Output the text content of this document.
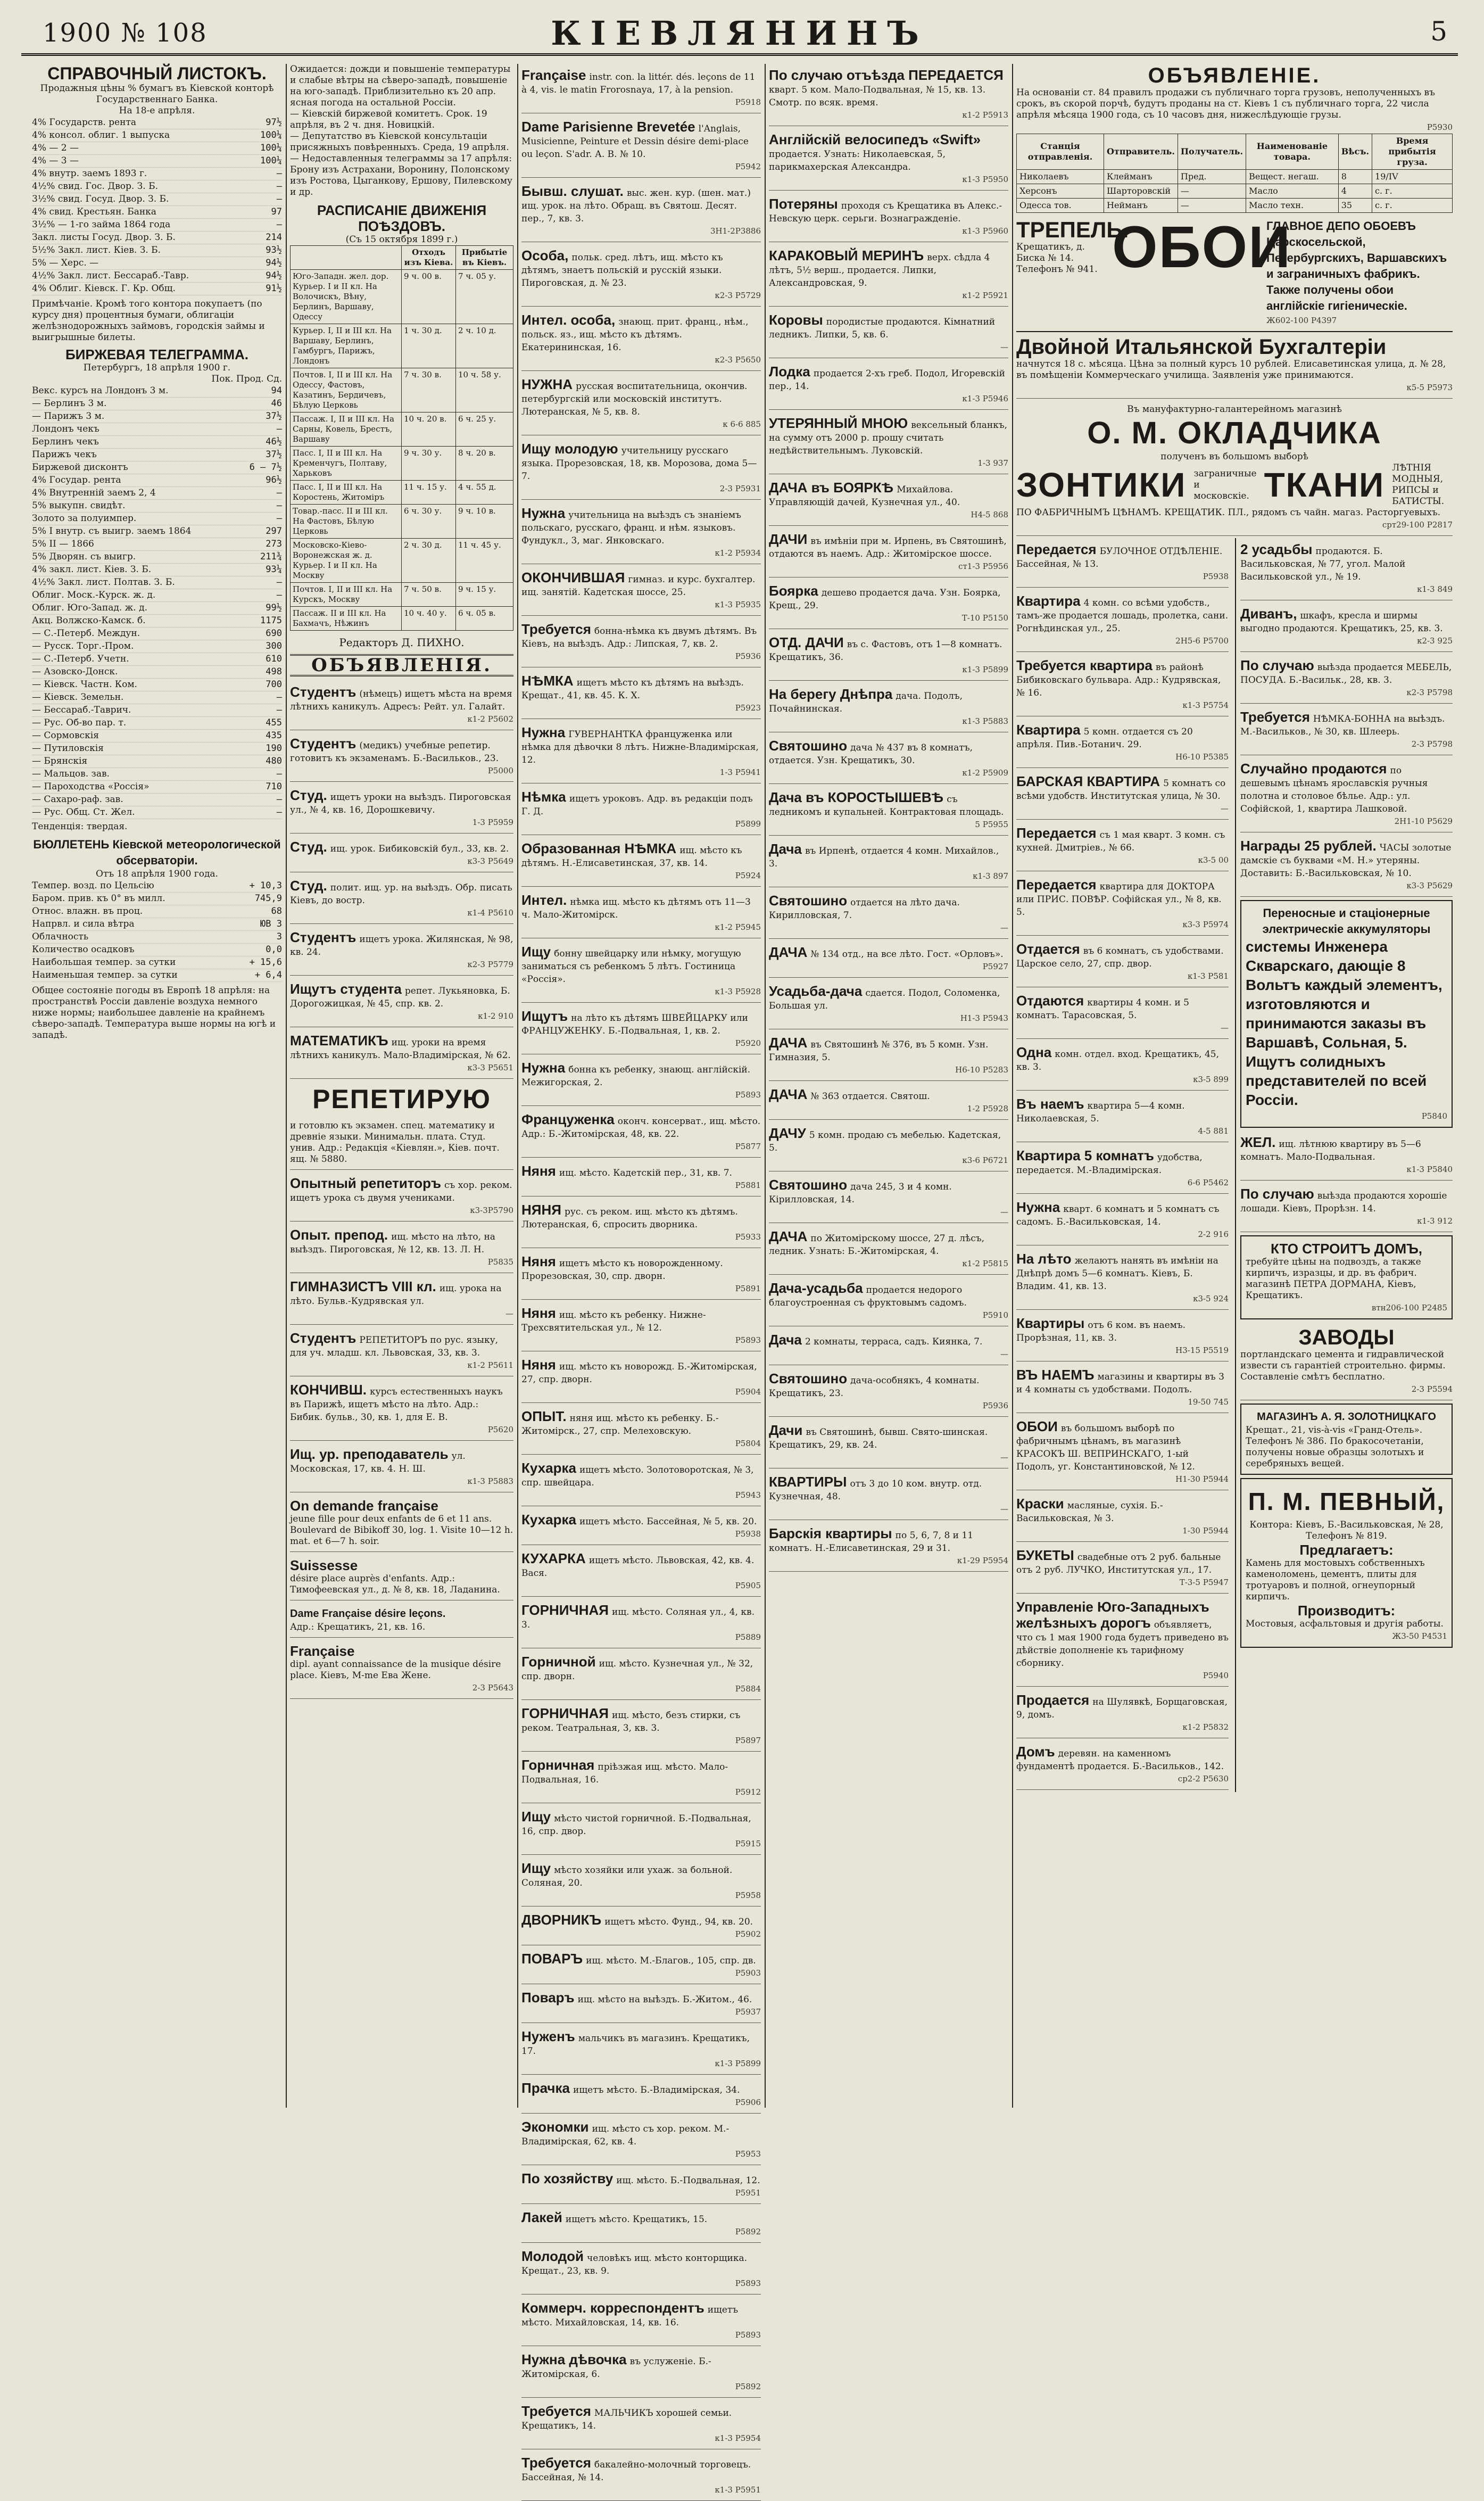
1900 № 108	КІЕВЛЯНИНЪ	5
СПРАВОЧНЫЙ ЛИСТОКЪ.
Продажныя цѣны % бумагъ въ Кіевской конторѣ Государственнаго Банка.
На 18-е апрѣля.
4% Государств. рента	97½
4% консол. облиг. 1 выпуска	100¼
4% — 2 —	100¼
4% — 3 —	100¼
4% внутр. заемъ 1893 г.	—
4½% свид. Гос. Двор. З. Б.	—
3½% свид. Госуд. Двор. З. Б.	—
4% свид. Крестьян. Банка	97
3½% — 1-го займа 1864 года	—
Закл. листы Госуд. Двор. З. Б.	214
5½% Закл. лист. Кіев. З. Б.	93½
5% — Херс. —	94½
4½% Закл. лист. Бессараб.-Тавр.	94½
4% Облиг. Кіевск. Г. Кр. Общ.	91½
Примѣчаніе. Кромѣ того контора покупаетъ (по курсу дня) процентныя бумаги, облигаціи желѣзнодорожныхъ займовъ, городскія займы и выигрышные билеты.
БИРЖЕВАЯ ТЕЛЕГРАММА.
Петербургъ, 18 апрѣля 1900 г.
Пок. Прод. Сд.
Векс. курсъ на Лондонъ 3 м.	94
— Берлинъ 3 м.	46
— Парижъ 3 м.	37½
Лондонъ чекъ	—
Берлинъ чекъ	46½
Парижъ чекъ	37½
Биржевой дисконтъ	6 — 7½
4% Государ. рента	96½
4% Внутренній заемъ 2, 4	—
5% выкупн. свидѣт.	—
Золото за полуимпер.	—
5% I внутр. съ выигр. заемъ 1864	297
5% II — 1866	273
5% Дворян. съ выигр.	211¾
4% закл. лист. Кіев. З. Б.	93¼
4½% Закл. лист. Полтав. З. Б.	—
Облиг. Моск.-Курск. ж. д.	—
Облиг. Юго-Запад. ж. д.	99½
Акц. Волжско-Камск. б.	1175
— С.-Петерб. Междун.	690
— Русск. Торг.-Пром.	300
— С.-Петерб. Учетн.	610
— Азовско-Донск.	498
— Кіевск. Частн. Ком.	700
— Кіевск. Земельн.	—
— Бессараб.-Таврич.	—
— Рус. Об-во пар. т.	455
— Сормовскія	435
— Путиловскія	190
— Брянскія	480
— Мальцов. зав.	—
— Пароходства «Россія»	710
— Сахаро-раф. зав.	—
— Рус. Общ. Ст. Жел.	—
Тенденція: твердая.
БЮЛЛЕТЕНЬ Кіевской метеорологической обсерваторіи.
Отъ 18 апрѣля 1900 года.
Темпер. возд. по Цельсію	+ 10,3
Баром. прив. къ 0° въ милл.	745,9
Относ. влажн. въ проц.	68
Напрвл. и сила вѣтра	ЮВ 3
Облачность	3
Количество осадковъ	0,0
Наибольшая темпер. за сутки	+ 15,6
Наименьшая темпер. за сутки	+ 6,4
Общее состояніе погоды въ Европѣ 18 апрѣля: на пространствѣ Россіи давленіе воздуха немного ниже нормы; наибольшее давленіе на крайнемъ сѣверо-западѣ. Температура выше нормы на югѣ и западѣ.
Ожидается: дожди и повышеніе температуры и слабые вѣтры на сѣверо-западѣ, повышеніе на юго-западѣ. Приблизительно къ 20 апр. ясная погода на остальной Россіи.
— Кіевскій биржевой комитетъ. Срок. 19 апрѣля, въ 2 ч. дня. Новицкій.
— Депутатство въ Кіевской консультаціи присяжныхъ повѣренныхъ. Среда, 19 апрѣля.
— Недоставленныя телеграммы за 17 апрѣля: Брону изъ Астрахани, Воронину, Полонскому изъ Ростова, Цыганкову, Ершову, Пилевскому и др.
РАСПИСАНІЕ ДВИЖЕНІЯ ПОѢЗДОВЪ.
(Съ 15 октября 1899 г.)
	Отходъ изъ Кіева.	Прибытіе въ Кіевъ.
Юго-Западн. жел. дор. Курьер. I и II кл. На Волочискъ, Вѣну, Берлинъ, Варшаву, Одессу	9 ч. 00 в.	7 ч. 05 у.
Курьер. I, II и III кл. На Варшаву, Берлинъ, Гамбургъ, Парижъ, Лондонъ	1 ч. 30 д.	2 ч. 10 д.
Почтов. I, II и III кл. На Одессу, Фастовъ, Казатинъ, Бердичевъ, Бѣлую Церковь	7 ч. 30 в.	10 ч. 58 у.
Пассаж. I, II и III кл. На Сарны, Ковель, Брестъ, Варшаву	10 ч. 20 в.	6 ч. 25 у.
Пасс. I, II и III кл. На Кременчугъ, Полтаву, Харьковъ	9 ч. 30 у.	8 ч. 20 в.
Пасс. I, II и III кл. На Коростень, Житоміръ	11 ч. 15 у.	4 ч. 55 д.
Товар.-пасс. II и III кл. На Фастовъ, Бѣлую Церковь	6 ч. 30 у.	9 ч. 10 в.
Московско-Кіево-Воронежская ж. д. Курьер. I и II кл. На Москву	2 ч. 30 д.	11 ч. 45 у.
Почтов. I, II и III кл. На Курскъ, Москву	7 ч. 50 в.	9 ч. 15 у.
Пассаж. II и III кл. На Бахмачъ, Нѣжинъ	10 ч. 40 у.	6 ч. 05 в.
Редакторъ Д. ПИХНО.
ОБЪЯВЛЕНІЯ.
Студентъ (нѣмецъ) ищетъ мѣста на время лѣтнихъ каникулъ. Адресъ: Рейт. ул. Галайт.
к1-2 Р5602
Студентъ (медикъ) учебные репетир. готовитъ къ экзаменамъ. Б.-Васильков., 23.
Р5000
Студ. ищетъ уроки на выѣздъ. Пироговская ул., № 4, кв. 16, Дорошкевичу.
1-3 Р5959
Студ. ищ. урок. Бибиковскій бул., 33, кв. 2.
к3-3 Р5649
Студ. полит. ищ. ур. на выѣздъ. Обр. писать Кіевъ, до востр.
к1-4 Р5610
Студентъ ищетъ урока. Жилянская, № 98, кв. 24.
к2-3 Р5779
Ищутъ студента репет. Лукьяновка, Б. Дорогожицкая, № 45, спр. кв. 2.
к1-2 910
МАТЕМАТИКЪ ищ. уроки на время лѣтнихъ каникулъ. Мало-Владимірская, № 62.
к3-3 Р5651
РЕПЕТИРУЮ
и готовлю къ экзамен. спец. математику и древніе языки. Минимальн. плата. Студ. унив. Адр.: Редакція «Кіевлян.», Кіев. почт. ящ. № 5880.
Опытный репетиторъ съ хор. реком. ищетъ урока съ двумя учениками.
к3-3Р5790
Опыт. препод. ищ. мѣсто на лѣто, на выѣздъ. Пироговская, № 12, кв. 13. Л. Н.
Р5835
ГИМНАЗИСТЪ VIII кл. ищ. урока на лѣто. Бульв.-Кудрявская ул.
—
Студентъ РЕПЕТИТОРЪ по рус. языку, для уч. младш. кл. Львовская, 33, кв. 3.
к1-2 Р5611
КОНЧИВШ. курсъ естественныхъ наукъ въ Парижѣ, ищетъ мѣсто на лѣто. Адр.: Бибик. бульв., 30, кв. 1, для Е. В.
Р5620
Ищ. ур. преподаватель ул. Московская, 17, кв. 4. Н. Ш.
к1-3 Р5883
On demande française
jeune fille pour deux enfants de 6 et 11 ans. Boulevard de Bibikoff 30, log. 1. Visite 10—12 h. mat. et 6—7 h. soir.
Suissesse
désire place auprès d'enfants. Адр.: Тимофеевская ул., д. № 8, кв. 18, Ладанина.
Dame Française désire leçons.
Адр.: Крещатикъ, 21, кв. 16.
Française
dipl. ayant connaissance de la musique désire place. Кіевъ, М-me Ева Жене.
2-3 Р5643
Française instr. con. la littér. dés. leçons de 11 à 4, vis. le matin Frorosnaya, 17, à la pension.
Р5918
Dame Parisienne Brevetée l'Anglais, Musicienne, Peinture et Dessin désire demi-place ou leçon. S'adr. А. В. № 10.
Р5942
Бывш. слушат. выс. жен. кур. (шен. мат.) ищ. урок. на лѣто. Обращ. въ Святош. Десят. пер., 7, кв. 3.
3Н1-2Р3886
Особа, польк. сред. лѣтъ, ищ. мѣсто къ дѣтямъ, знаетъ польскій и русскій языки. Пироговская, д. № 23.
к2-3 Р5729
Интел. особа, знающ. прит. франц., нѣм., польск. яз., ищ. мѣсто къ дѣтямъ. Екатерининская, 16.
к2-3 Р5650
НУЖНА русская воспитательница, окончив. петербургскій или московскій институтъ. Лютеранская, № 5, кв. 8.
к 6-6 885
Ищу молодую учительницу русскаго языка. Прорезовская, 18, кв. Морозова, дома 5—7.
2-3 Р5931
Нужна учительница на выѣздъ съ знаніемъ польскаго, русскаго, франц. и нѣм. языковъ. Фундукл., 3, маг. Янковскаго.
к1-2 Р5934
ОКОНЧИВШАЯ гимназ. и курс. бухгалтер. ищ. занятій. Кадетская шоссе, 25.
к1-3 Р5935
Требуется бонна-нѣмка къ двумъ дѣтямъ. Въ Кіевъ, на выѣздъ. Адр.: Липская, 7, кв. 2.
Р5936
НѢМКА ищетъ мѣсто къ дѣтямъ на выѣздъ. Крещат., 41, кв. 45. К. Х.
Р5923
Нужна ГУВЕРНАНТКА француженка или нѣмка для дѣвочки 8 лѣтъ. Нижне-Владимірская, 12.
1-3 Р5941
Нѣмка ищетъ уроковъ. Адр. въ редакціи подъ Г. Д.
Р5899
Образованная НѢМКА ищ. мѣсто къ дѣтямъ. Н.-Елисаветинская, 37, кв. 14.
Р5924
Интел. нѣмка ищ. мѣсто къ дѣтямъ отъ 11—3 ч. Мало-Житомірск.
к1-2 Р5945
Ищу бонну швейцарку или нѣмку, могущую заниматься съ ребенкомъ 5 лѣтъ. Гостиница «Россія».
к1-3 Р5928
Ищутъ на лѣто къ дѣтямъ ШВЕЙЦАРКУ или ФРАНЦУЖЕНКУ. Б.-Подвальная, 1, кв. 2.
Р5920
Нужна бонна къ ребенку, знающ. англійскій. Межигорская, 2.
Р5893
Француженка оконч. консерват., ищ. мѣсто. Адр.: Б.-Житомірская, 48, кв. 22.
Р5877
Няня ищ. мѣсто. Кадетскій пер., 31, кв. 7.
Р5881
НЯНЯ рус. съ реком. ищ. мѣсто къ дѣтямъ. Лютеранская, 6, спросить дворника.
Р5933
Няня ищетъ мѣсто къ новорожденному. Прорезовская, 30, спр. дворн.
Р5891
Няня ищ. мѣсто къ ребенку. Нижне-Трехсвятительская ул., № 12.
Р5893
Няня ищ. мѣсто къ новорожд. Б.-Житомірская, 27, спр. дворн.
Р5904
ОПЫТ. няня ищ. мѣсто къ ребенку. Б.-Житомірск., 27, спр. Мелеховскую.
Р5804
Кухарка ищетъ мѣсто. Золотоворотская, № 3, спр. швейцара.
Р5943
Кухарка ищетъ мѣсто. Бассейная, № 5, кв. 20.
Р5938
КУХАРКА ищетъ мѣсто. Львовская, 42, кв. 4. Вася.
Р5905
ГОРНИЧНАЯ ищ. мѣсто. Соляная ул., 4, кв. 3.
Р5889
Горничной ищ. мѣсто. Кузнечная ул., № 32, спр. дворн.
Р5884
ГОРНИЧНАЯ ищ. мѣсто, безъ стирки, съ реком. Театральная, 3, кв. 3.
Р5897
Горничная пріѣзжая ищ. мѣсто. Мало-Подвальная, 16.
Р5912
Ищу мѣсто чистой горничной. Б.-Подвальная, 16, спр. двор.
Р5915
Ищу мѣсто хозяйки или ухаж. за больной. Соляная, 20.
Р5958
ДВОРНИКЪ ищетъ мѣсто. Фунд., 94, кв. 20.
Р5902
ПОВАРЪ ищ. мѣсто. М.-Благов., 105, спр. дв.
Р5903
Поваръ ищ. мѣсто на выѣздъ. Б.-Житом., 46.
Р5937
Нуженъ мальчикъ въ магазинъ. Крещатикъ, 17.
к1-3 Р5899
Прачка ищетъ мѣсто. Б.-Владимірская, 34.
Р5906
Экономки ищ. мѣсто съ хор. реком. М.-Владимірская, 62, кв. 4.
Р5953
По хозяйству ищ. мѣсто. Б.-Подвальная, 12.
Р5951
Лакей ищетъ мѣсто. Крещатикъ, 15.
Р5892
Молодой человѣкъ ищ. мѣсто конторщика. Крещат., 23, кв. 9.
Р5893
Коммерч. корреспондентъ ищетъ мѣсто. Михайловская, 14, кв. 16.
Р5893
Нужна дѣвочка въ услуженіе. Б.-Житомірская, 6.
Р5892
Требуется МАЛЬЧИКЪ хорошей семьи. Крещатикъ, 14.
к1-3 Р5954
Требуется бакалейно-молочный торговецъ. Бассейная, № 14.
к1-3 Р5951
По случаю отъѣзда ПЕРЕДАЕТСЯ кварт. 5 ком. Мало-Подвальная, № 15, кв. 13. Смотр. по всяк. время.
к1-2 Р5913
Англійскій велосипедъ «Swift» продается. Узнать: Николаевская, 5, парикмахерская Александра.
к1-3 Р5950
Потеряны проходя съ Крещатика въ Алекс.-Невскую церк. серьги. Вознагражденіе.
к1-3 Р5960
КАРАКОВЫЙ МЕРИНЪ верх. сѣдла 4 лѣтъ, 5½ верш., продается. Липки, Александровская, 9.
к1-2 Р5921
Коровы породистые продаются. Кімнатний ледникъ. Липки, 5, кв. 6.
—
Лодка продается 2-хъ греб. Подол, Игоревскій пер., 14.
к1-3 Р5946
УТЕРЯННЫЙ МНОЮ вексельный бланкъ, на сумму отъ 2000 р. прошу считать недѣйствительнымъ. Луковскій.
1-3 937
ДАЧА въ БОЯРКѢ Михайлова. Управляющій дачей, Кузнечная ул., 40.
Н4-5 868
ДАЧИ въ имѣніи при м. Ирпень, въ Святошинѣ, отдаются въ наемъ. Адр.: Житомірское шоссе.
ст1-3 Р5956
Боярка дешево продается дача. Узн. Боярка, Крещ., 29.
Т-10 Р5150
ОТД. ДАЧИ въ с. Фастовъ, отъ 1—8 комнатъ. Крещатикъ, 36.
к1-3 Р5899
На берегу Днѣпра дача. Подолъ, Почайнинская.
к1-3 Р5883
Святошино дача № 437 въ 8 комнатъ, отдается. Узн. Крещатикъ, 30.
к1-2 Р5909
Дача въ КОРОСТЫШЕВѢ съ ледникомъ и купальней. Контрактовая площадь.
5 Р5955
Дача въ Ирпенѣ, отдается 4 комн. Михайлов., 3.
к1-3 897
Святошино отдается на лѣто дача. Кирилловская, 7.
—
ДАЧА № 134 отд., на все лѣто. Гост. «Орловъ».
Р5927
Усадьба-дача сдается. Подол, Соломенка, Большая ул.
Н1-3 Р5943
ДАЧА въ Святошинѣ № 376, въ 5 комн. Узн. Гимназия, 5.
Н6-10 Р5283
ДАЧА № 363 отдается. Святош.
1-2 Р5928
ДАЧУ 5 комн. продаю съ мебелью. Кадетская, 5.
к3-6 Р6721
Святошино дача 245, 3 и 4 комн. Кірилловская, 14.
—
ДАЧА по Житомірскому шоссе, 27 д. лѣсъ, ледник. Узнать: Б.-Житомірская, 4.
к1-2 Р5815
Дача-усадьба продается недорого благоустроенная съ фруктовымъ садомъ.
Р5910
Дача 2 комнаты, терраса, садъ. Киянка, 7.
—
Святошино дача-особнякъ, 4 комнаты. Крещатикъ, 23.
Р5936
Дачи въ Святошинѣ, бывш. Свято-шинская. Крещатикъ, 29, кв. 24.
—
КВАРТИРЫ отъ 3 до 10 ком. внутр. отд. Кузнечная, 48.
—
Барскія квартиры по 5, 6, 7, 8 и 11 комнатъ. Н.-Елисаветинская, 29 и 31.
к1-29 Р5954
ОБЪЯВЛЕНІЕ.
На основаніи ст. 84 правилъ продажи съ публичнаго торга грузовъ, неполученныхъ въ срокъ, въ скорой порчѣ, будутъ проданы на ст. Кіевъ 1 съ публичнаго торга, 22 числа апрѣля мѣсяца 1900 года, съ 10 часовъ дня, нижеслѣдующіе грузы.
Р5930
Станція отправленія.	Отправитель.	Получатель.	Наименованіе товара.	Вѣсъ.	Время прибытія груза.
Николаевъ	Клейманъ	Пред.	Вещест. негаш.	8	19/IV
Херсонъ	Шарторовскій	—	Масло	4	с. г.
Одесса тов.	Нейманъ	—	Масло техн.	35	с. г.
ТРЕПЕЛЬ.
Крещатикъ, д. Биска № 14. Телефонъ № 941. ОБОИ
ГЛАВНОЕ ДЕПО ОБОЕВЪ Царскосельской, Петербургскихъ, Варшавскихъ и заграничныхъ фабрикъ. Также получены обои англійскіе гигіеническіе.
Ж602-100 Р4397
Двойной Итальянской Бухгалтеріи
начнутся 18 с. мѣсяца. Цѣна за полный курсъ 10 рублей. Елисаветинская улица, д. № 28, въ помѣщеніи Коммерческаго училища. Заявленія уже принимаются.
к5-5 Р5973
Въ мануфактурно-галантерейномъ магазинѣ
О. М. ОКЛАДЧИКА
полученъ въ большомъ выборѣ
ЗОНТИКИ заграничные и московскіе. ТКАНИ ЛѢТНІЯ МОДНЫЯ, РИПСЫ и БАТИСТЫ.
ПО ФАБРИЧНЫМЪ ЦѢНАМЪ. КРЕЩАТИК. ПЛ., рядомъ съ чайн. магаз. Расторгуевыхъ.
срт29-100 Р2817
Передается БУЛОЧНОЕ ОТДѢЛЕНІЕ. Бассейная, № 13.
Р5938
Квартира 4 комн. со всѣми удобств., тамъ-же продается лошадь, пролетка, сани. Рогнѣдинская ул., 25.
2Н5-6 Р5700
Требуется квартира въ районѣ Бибиковскаго бульвара. Адр.: Кудрявская, № 16.
к1-3 Р5754
Квартира 5 комн. отдается съ 20 апрѣля. Пив.-Ботанич. 29.
Н6-10 Р5385
БАРСКАЯ КВАРТИРА 5 комнатъ со всѣми удобств. Институтская улица, № 30.
—
Передается съ 1 мая кварт. 3 комн. съ кухней. Дмитріев., № 66.
к3-5 00
Передается квартира для ДОКТОРА или ПРИС. ПОВѢР. Софійская ул., № 8, кв. 5.
к3-3 Р5974
Отдается въ 6 комнатъ, съ удобствами. Царское село, 27, спр. двор.
к1-3 Р581
Отдаются квартиры 4 комн. и 5 комнатъ. Тарасовская, 5.
—
Одна комн. отдел. вход. Крещатикъ, 45, кв. 3.
к3-5 899
Въ наемъ квартира 5—4 комн. Николаевская, 5.
4-5 881
Квартира 5 комнатъ удобства, передается. М.-Владимірская.
6-6 Р5462
Нужна кварт. 6 комнатъ и 5 комнатъ съ садомъ. Б.-Васильковская, 14.
2-2 916
На лѣто желаютъ нанять въ имѣніи на Днѣпрѣ домъ 5—6 комнатъ. Кіевъ, Б. Владим. 41, кв. 13.
к3-5 924
Квартиры отъ 6 ком. въ наемъ. Прорѣзная, 11, кв. 3.
Н3-15 Р5519
ВЪ НАЕМЪ магазины и квартиры въ 3 и 4 комнаты съ удобствами. Подолъ.
19-50 745
ОБОИ въ большомъ выборѣ по фабричнымъ цѣнамъ, въ магазинѣ КРАСОКЪ Ш. ВЕПРИНСКАГО, 1-ый Подолъ, уг. Константиновской, № 12.
Н1-30 Р5944
Краски масляные, сухія. Б.-Васильковская, № 3.
1-30 Р5944
БУКЕТЫ свадебные отъ 2 руб. бальные отъ 2 руб. ЛУЧКО, Институтская ул., 17.
Т-3-5 Р5947
Управленіе Юго-Западныхъ желѣзныхъ дорогъ объявляетъ, что съ 1 мая 1900 года будетъ приведено въ дѣйствіе дополненіе къ тарифному сборнику.
Р5940
Продается на Шулявкѣ, Борщаговская, 9, домъ.
к1-2 Р5832
Домъ деревян. на каменномъ фундаментѣ продается. Б.-Васильков., 142.
ср2-2 Р5630
2 усадьбы продаются. Б. Васильковская, № 77, угол. Малой Васильковской ул., № 19.
к1-3 849
Диванъ, шкафъ, кресла и ширмы выгодно продаются. Крещатикъ, 25, кв. 3.
к2-3 925
По случаю выѣзда продается МЕБЕЛЬ, ПОСУДА. Б.-Васильк., 28, кв. 3.
к2-3 Р5798
Требуется НѢМКА-БОННА на выѣздъ. М.-Васильков., № 30, кв. Шлеерь.
2-3 Р5798
Случайно продаются по дешевымъ цѣнамъ ярославскія ручныя полотна и столовое бѣлье. Адр.: ул. Софійской, 1, квартира Лашковой.
2Н1-10 Р5629
Награды 25 рублей. ЧАСЫ золотые дамскіе съ буквами «М. Н.» утеряны. Доставить: Б.-Васильковская, № 10.
к3-3 Р5629
Переносные и стаціонерные электрическіе аккумуляторы
системы Инженера Скварскаго, дающіе 8 Вольтъ каждый элементъ, изготовляются и принимаются заказы въ Варшавѣ, Сольная, 5. Ищутъ солидныхъ представителей по всей Россіи.
Р5840
ЖЕЛ. ищ. лѣтнюю квартиру въ 5—6 комнатъ. Мало-Подвальная.
к1-3 Р5840
По случаю выѣзда продаются хорошіе лошади. Кіевъ, Прорѣзн. 14.
к1-3 912
КТО СТРОИТЪ ДОМЪ,
требуйте цѣны на подвоздъ, а также кирпичъ, изразцы, и др. въ фабрич. магазинѣ ПЕТРА ДОРМАНА, Кіевъ, Крещатикъ.
втн206-100 Р2485
ЗАВОДЫ
портландскаго цемента и гидравлической извести съ гарантіей строительно. фирмы. Составленіе смѣтъ бесплатно.
2-3 Р5594
МАГАЗИНЪ А. Я. ЗОЛОТНИЦКАГО
Крещат., 21, vis-à-vis «Гранд-Отель». Телефонъ № 386. По бракосочетаніи, получены новые образцы золотыхъ и серебряныхъ вещей.
П. М. ПЕВНЫЙ,
Контора: Кіевъ, Б.-Васильковская, № 28, Телефонъ № 819.
Предлагаетъ:
Камень для мостовыхъ собственныхъ каменоломень, цементъ, плиты для тротуаровъ и полной, огнеупорный кирпичъ.
Производитъ:
Мостовыя, асфальтовыя и другія работы.
Ж3-50 Р4531
